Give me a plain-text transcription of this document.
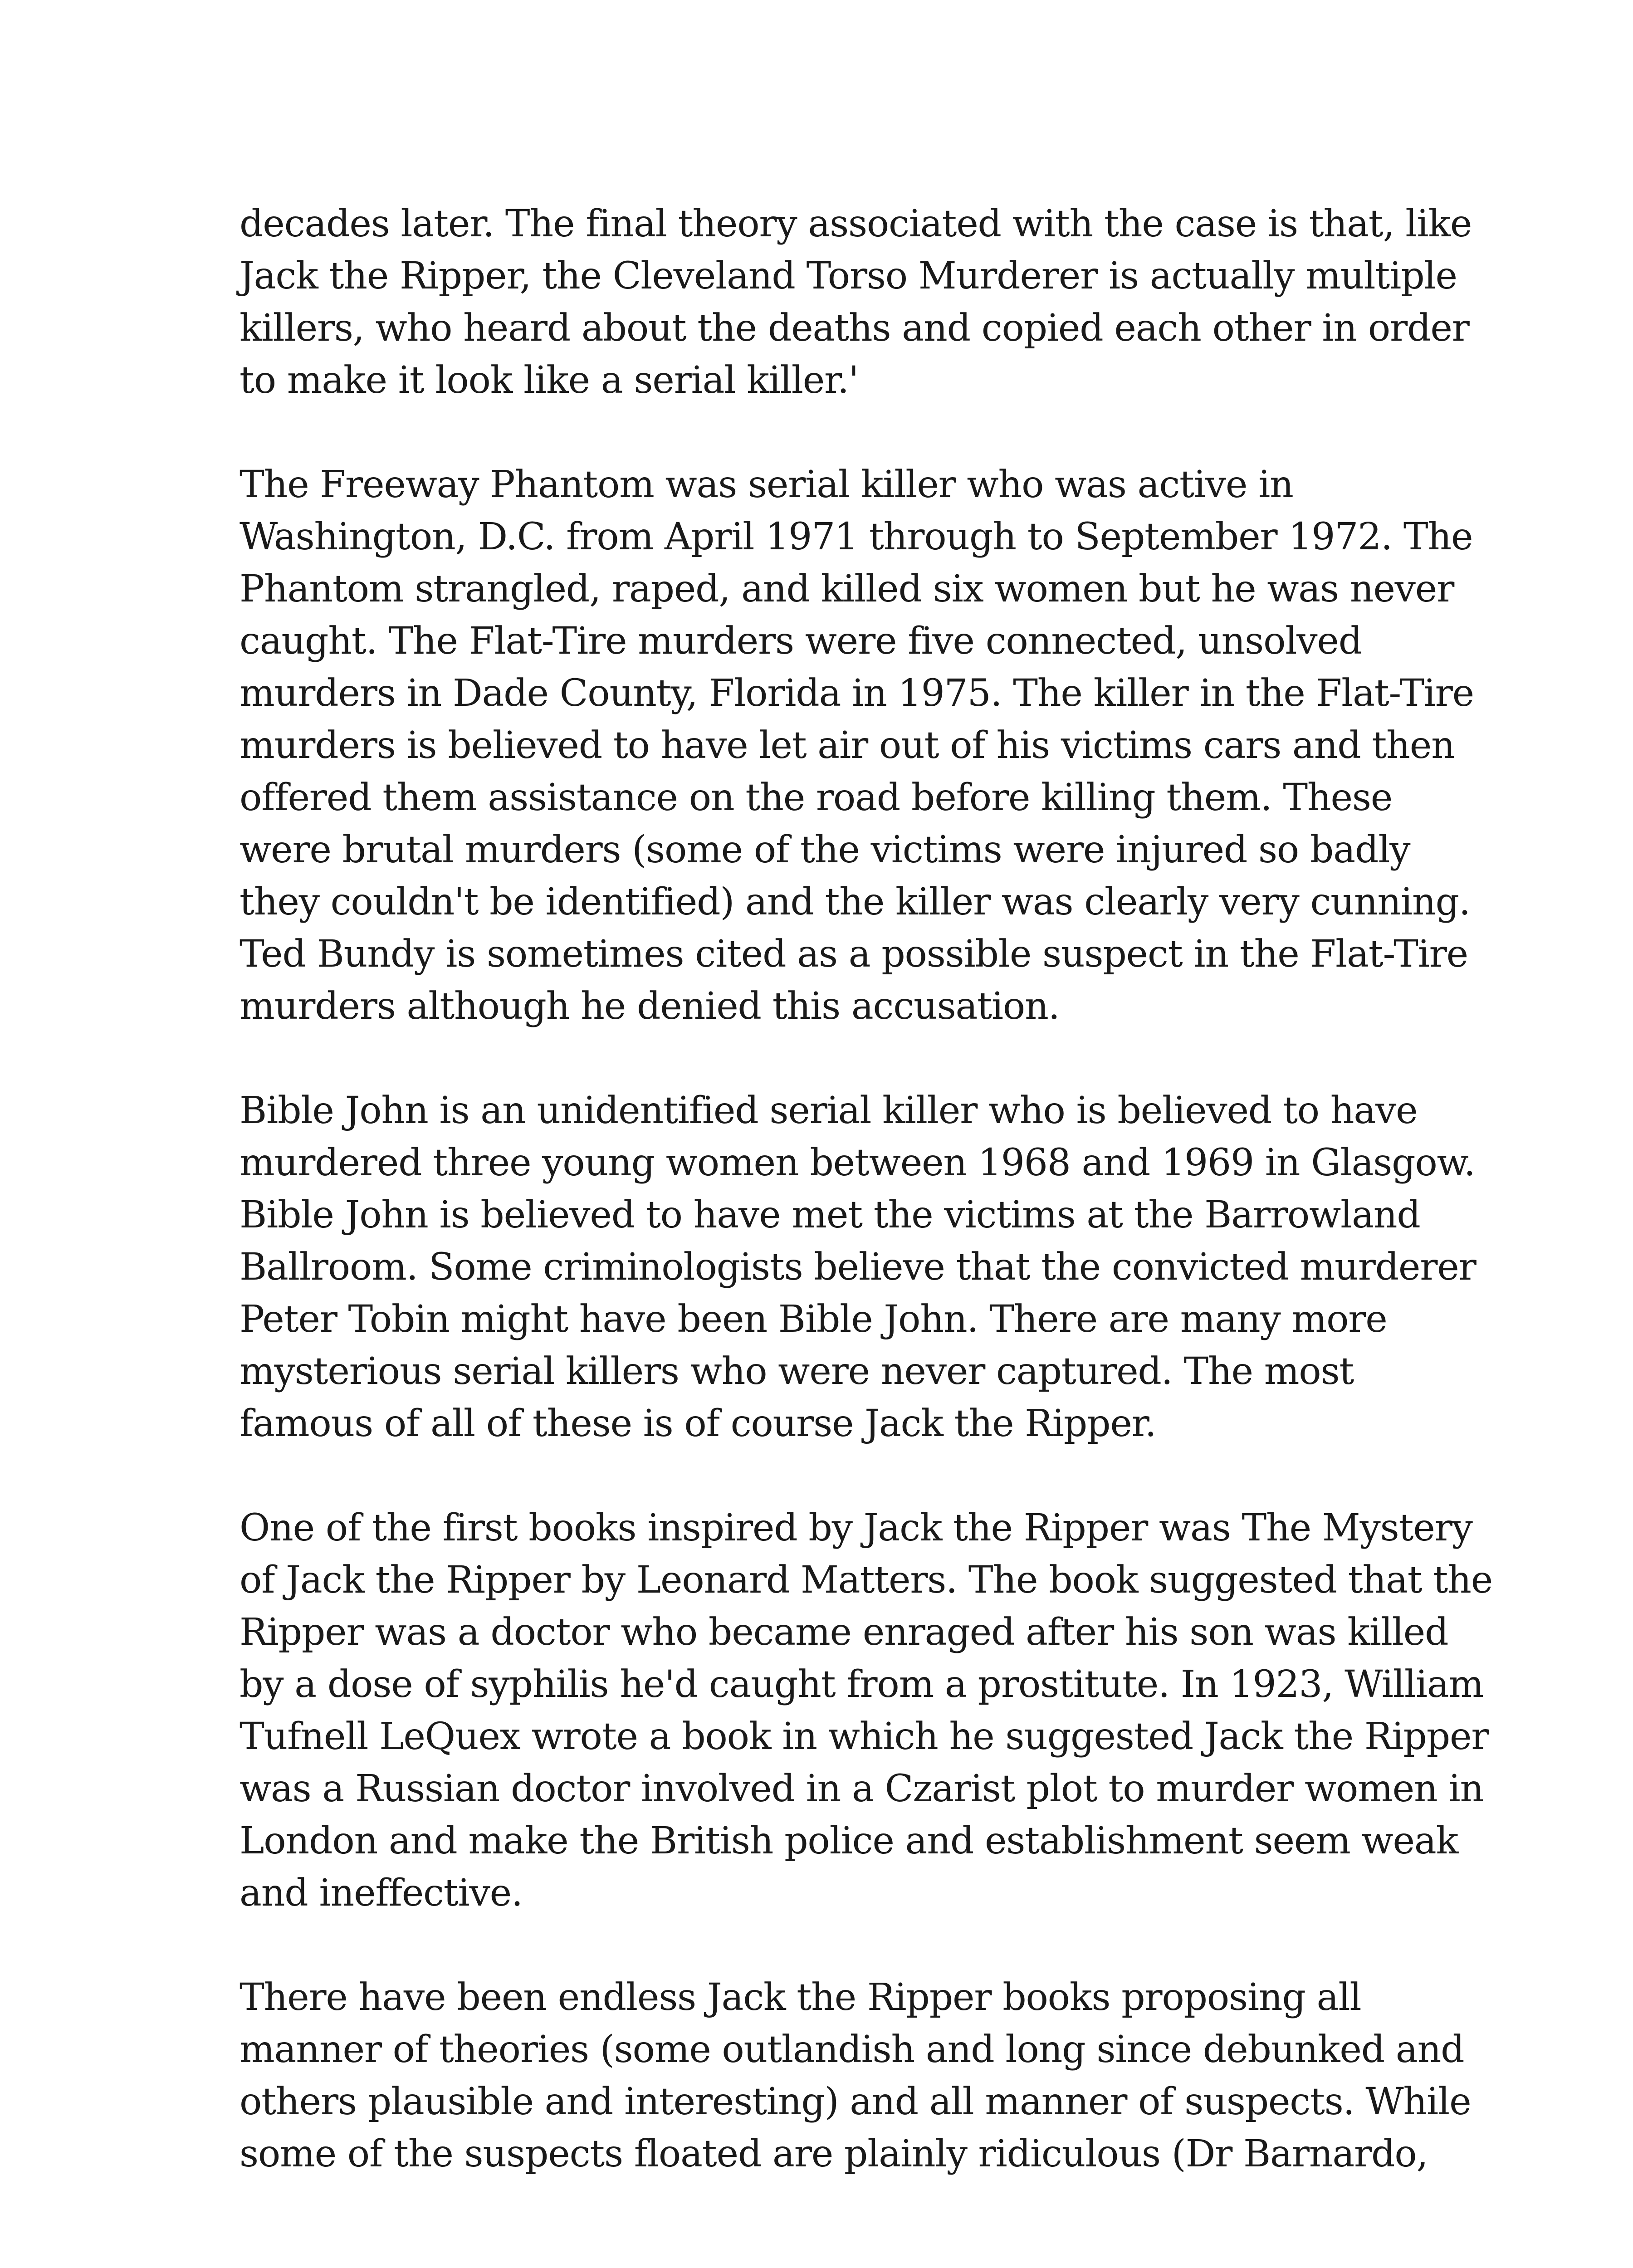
decades later. The final theory associated with the case is that, like
Jack the Ripper, the Cleveland Torso Murderer is actually multiple
killers, who heard about the deaths and copied each other in order
to make it look like a serial killer.'

The Freeway Phantom was serial killer who was active in
Washington, D.C. from April 1971 through to September 1972. The
Phantom strangled, raped, and killed six women but he was never
caught. The Flat-Tire murders were five connected, unsolved
murders in Dade County, Florida in 1975. The killer in the Flat-Tire
murders is believed to have let air out of his victims cars and then
offered them assistance on the road before killing them. These
were brutal murders (some of the victims were injured so badly
they couldn't be identified) and the killer was clearly very cunning.
Ted Bundy is sometimes cited as a possible suspect in the Flat-Tire
murders although he denied this accusation.

Bible John is an unidentified serial killer who is believed to have
murdered three young women between 1968 and 1969 in Glasgow.
Bible John is believed to have met the victims at the Barrowland
Ballroom. Some criminologists believe that the convicted murderer
Peter Tobin might have been Bible John. There are many more
mysterious serial killers who were never captured. The most
famous of all of these is of course Jack the Ripper.

One of the first books inspired by Jack the Ripper was The Mystery
of Jack the Ripper by Leonard Matters. The book suggested that the
Ripper was a doctor who became enraged after his son was killed
by a dose of syphilis he'd caught from a prostitute. In 1923, William
Tufnell LeQuex wrote a book in which he suggested Jack the Ripper
was a Russian doctor involved in a Czarist plot to murder women in
London and make the British police and establishment seem weak
and ineffective.

There have been endless Jack the Ripper books proposing all
manner of theories (some outlandish and long since debunked and
others plausible and interesting) and all manner of suspects. While
some of the suspects floated are plainly ridiculous (Dr Barnardo,
